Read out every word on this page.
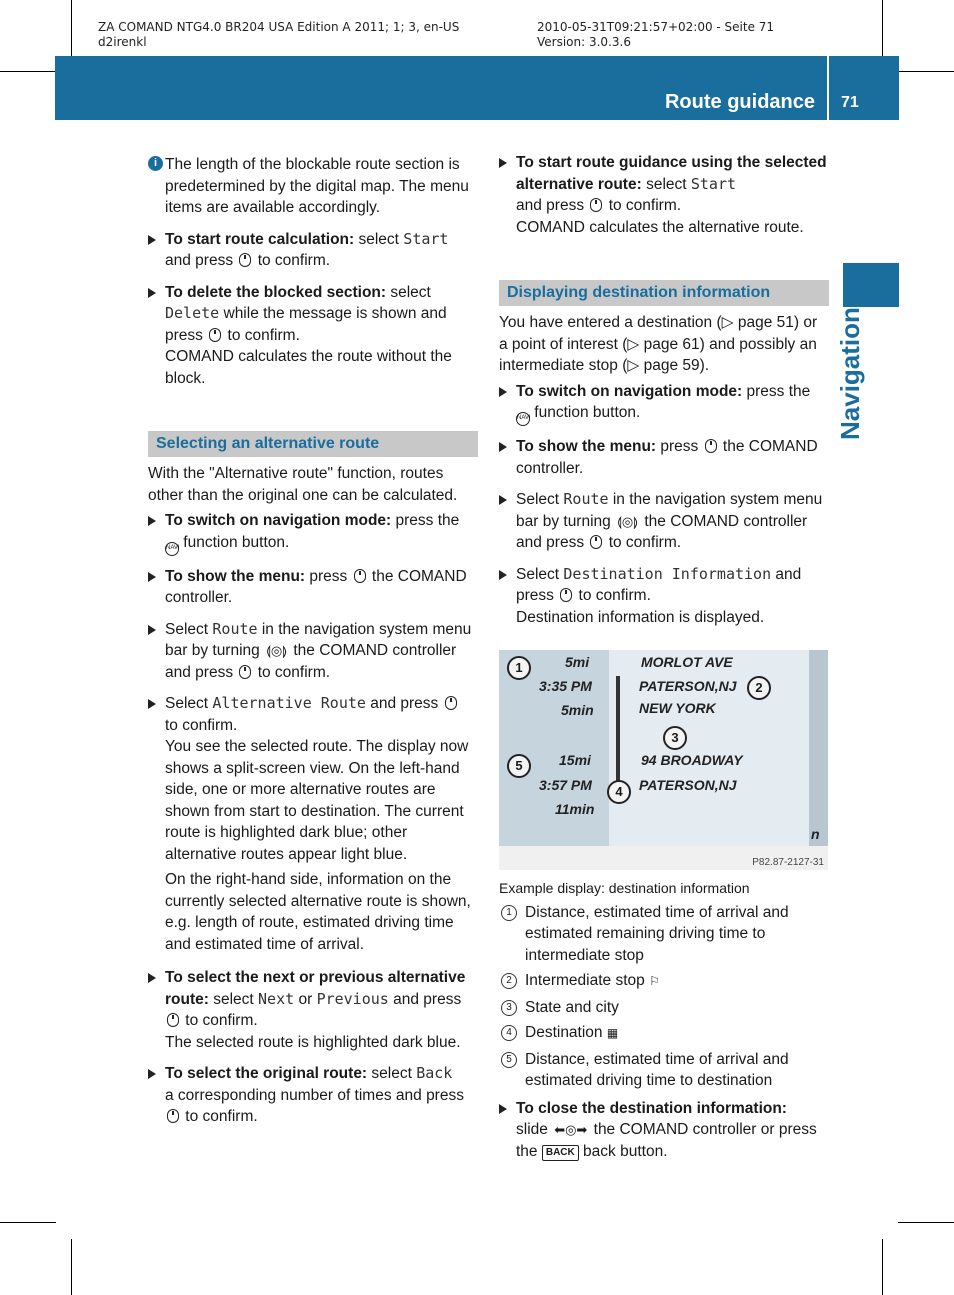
ZA COMAND NTG4.0 BR204 USA Edition A 2011; 1; 3, en-US
d2irenkl
2010-05-31T09:21:57+02:00 - Seite 71
Version: 3.0.3.6
Route guidance 71
Navigation
i The length of the blockable route section is predetermined by the digital map. The menu items are available accordingly.
To start route calculation: select Start
and press  to confirm.
To delete the blocked section: select
Delete while the message is shown and press  to confirm.
COMAND calculates the route without the block.
Selecting an alternative route
With the "Alternative route" function, routes other than the original one can be calculated.
To switch on navigation mode: press the
NAVI function button.
To show the menu: press  the COMAND controller.
Select Route in the navigation system menu bar by turning ⟬◎⟭ the COMAND controller and press  to confirm.
Select Alternative Route and press
to confirm.
You see the selected route. The display now shows a split-screen view. On the left-hand side, one or more alternative routes are shown from start to destination. The current route is highlighted dark blue; other alternative routes appear light blue.
On the right-hand side, information on the currently selected alternative route is shown, e.g. length of route, estimated driving time and estimated time of arrival.
To select the next or previous alternative route: select Next or Previous and press  to confirm.
The selected route is highlighted dark blue.
To select the original route: select Back
a corresponding number of times and press  to confirm.
To start route guidance using the selected alternative route: select Start
and press  to confirm.
COMAND calculates the alternative route.
Displaying destination information
You have entered a destination (▷ page 51) or a point of interest (▷ page 61) and possibly an intermediate stop (▷ page 59).
To switch on navigation mode: press the
NAVI function button.
To show the menu: press  the COMAND controller.
Select Route in the navigation system menu bar by turning ⟬◎⟭ the COMAND controller and press  to confirm.
Select Destination Information and press  to confirm.
Destination information is displayed.
n
5mi
3:35 PM
5min
15mi
3:57 PM
11min
MORLOT AVE
PATERSON,NJ
NEW YORK
94 BROADWAY
PATERSON,NJ
1
2
3
4
5
P82.87-2127-31
Example display: destination information
1 Distance, estimated time of arrival and estimated remaining driving time to intermediate stop
2 Intermediate stop ⚐
3 State and city
4 Destination ▦
5 Distance, estimated time of arrival and estimated driving time to destination
To close the destination information:
slide ⬅◎➡ the COMAND controller or press the BACK back button.
